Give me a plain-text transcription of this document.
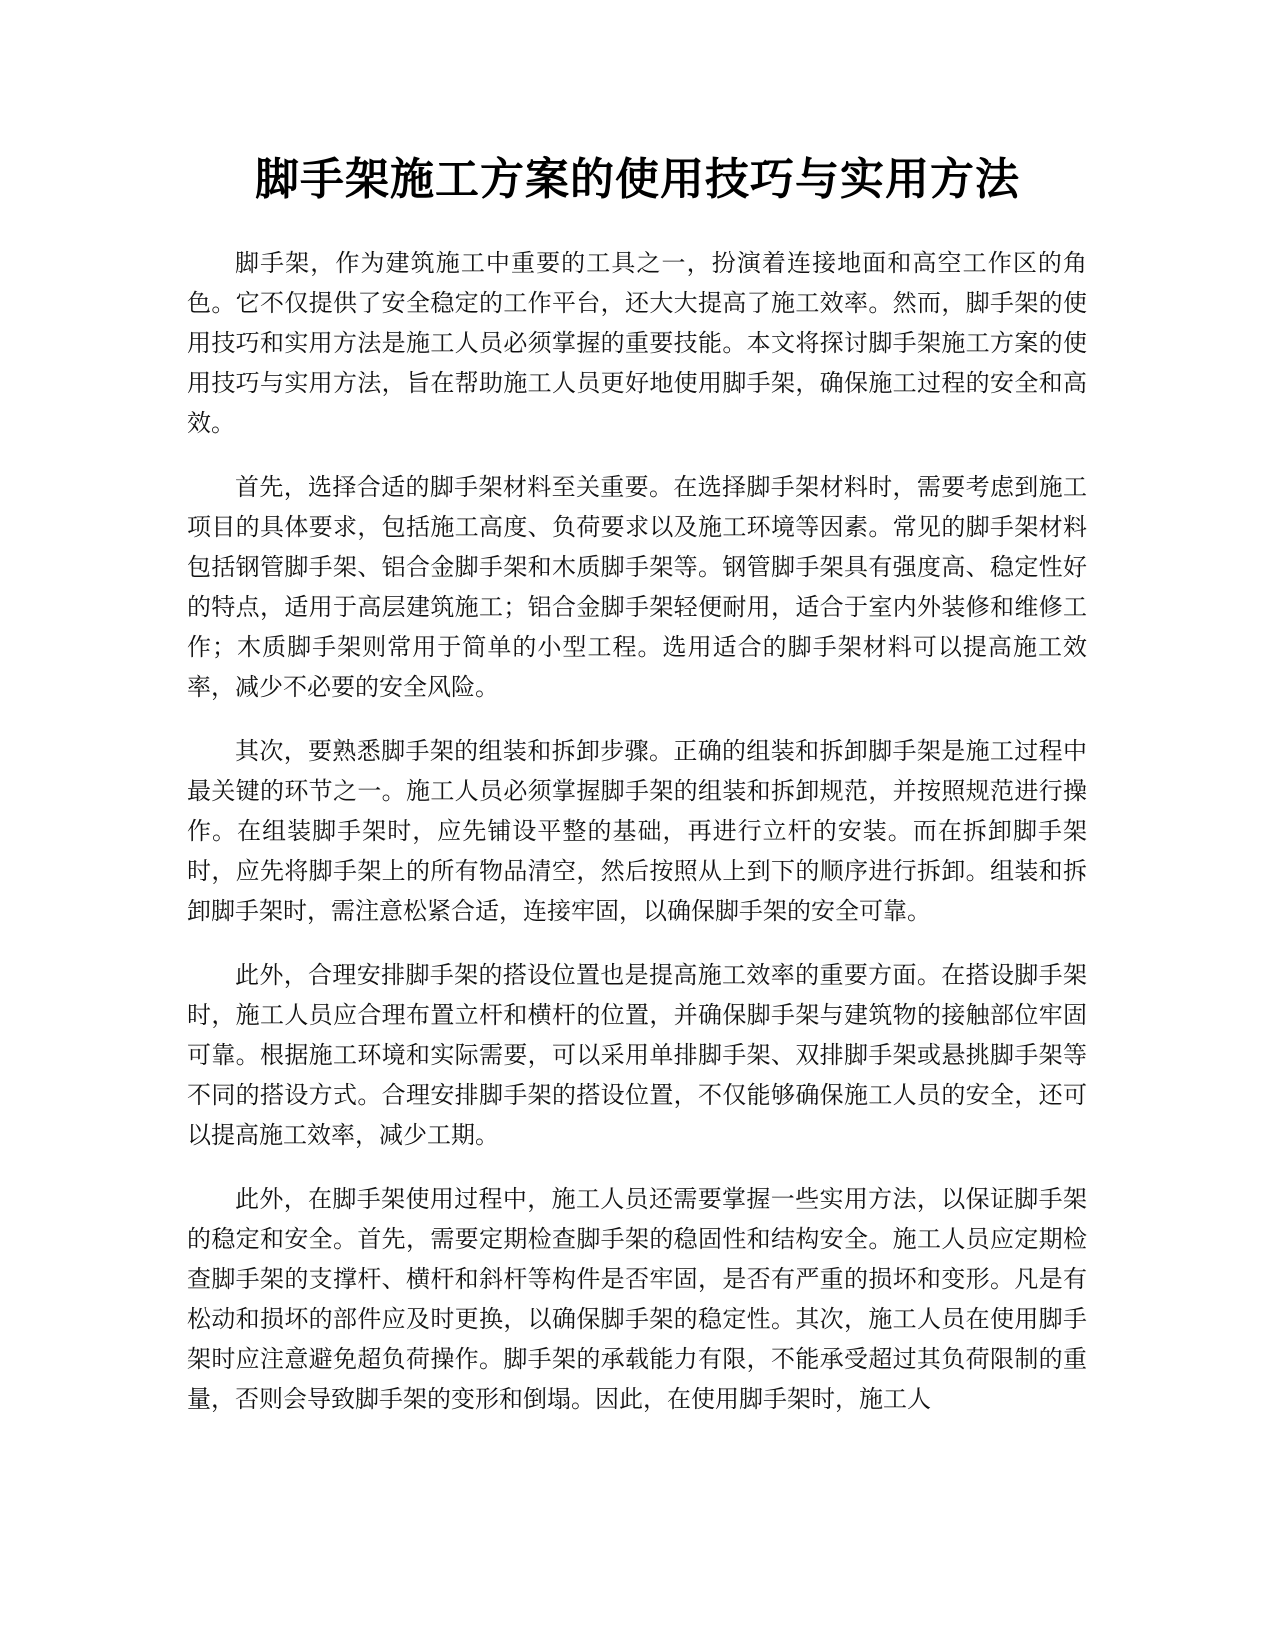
脚手架施工方案的使用技巧与实用方法

脚手架，作为建筑施工中重要的工具之一，扮演着连接地面和高空工作区的角色。它不仅提供了安全稳定的工作平台，还大大提高了施工效率。然而，脚手架的使用技巧和实用方法是施工人员必须掌握的重要技能。本文将探讨脚手架施工方案的使用技巧与实用方法，旨在帮助施工人员更好地使用脚手架，确保施工过程的安全和高效。

首先，选择合适的脚手架材料至关重要。在选择脚手架材料时，需要考虑到施工项目的具体要求，包括施工高度、负荷要求以及施工环境等因素。常见的脚手架材料包括钢管脚手架、铝合金脚手架和木质脚手架等。钢管脚手架具有强度高、稳定性好的特点，适用于高层建筑施工；铝合金脚手架轻便耐用，适合于室内外装修和维修工作；木质脚手架则常用于简单的小型工程。选用适合的脚手架材料可以提高施工效率，减少不必要的安全风险。

其次，要熟悉脚手架的组装和拆卸步骤。正确的组装和拆卸脚手架是施工过程中最关键的环节之一。施工人员必须掌握脚手架的组装和拆卸规范，并按照规范进行操作。在组装脚手架时，应先铺设平整的基础，再进行立杆的安装。而在拆卸脚手架时，应先将脚手架上的所有物品清空，然后按照从上到下的顺序进行拆卸。组装和拆卸脚手架时，需注意松紧合适，连接牢固，以确保脚手架的安全可靠。

此外，合理安排脚手架的搭设位置也是提高施工效率的重要方面。在搭设脚手架时，施工人员应合理布置立杆和横杆的位置，并确保脚手架与建筑物的接触部位牢固可靠。根据施工环境和实际需要，可以采用单排脚手架、双排脚手架或悬挑脚手架等不同的搭设方式。合理安排脚手架的搭设位置，不仅能够确保施工人员的安全，还可以提高施工效率，减少工期。

此外，在脚手架使用过程中，施工人员还需要掌握一些实用方法，以保证脚手架的稳定和安全。首先，需要定期检查脚手架的稳固性和结构安全。施工人员应定期检查脚手架的支撑杆、横杆和斜杆等构件是否牢固，是否有严重的损坏和变形。凡是有松动和损坏的部件应及时更换，以确保脚手架的稳定性。其次，施工人员在使用脚手架时应注意避免超负荷操作。脚手架的承载能力有限，不能承受超过其负荷限制的重量，否则会导致脚手架的变形和倒塌。因此，在使用脚手架时，施工人
